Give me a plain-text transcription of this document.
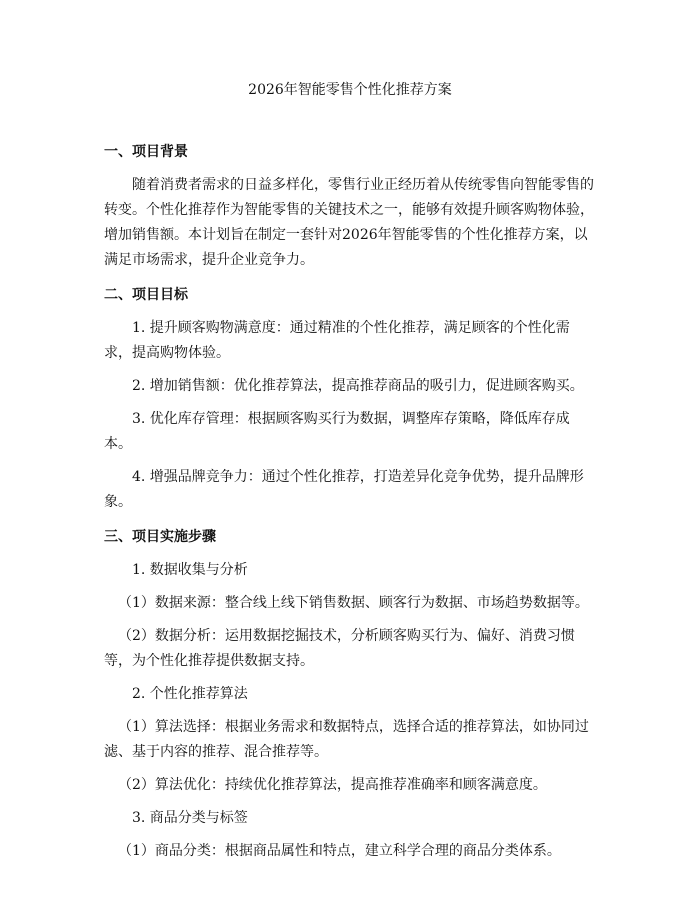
2026年智能零售个性化推荐方案
一、项目背景

随着消费者需求的日益多样化，零售行业正经历着从传统零售向智能零售的转变。个性化推荐作为智能零售的关键技术之一，能够有效提升顾客购物体验，增加销售额。本计划旨在制定一套针对2026年智能零售的个性化推荐方案，以满足市场需求，提升企业竞争力。

二、项目目标

1. 提升顾客购物满意度：通过精准的个性化推荐，满足顾客的个性化需求，提高购物体验。

2. 增加销售额：优化推荐算法，提高推荐商品的吸引力，促进顾客购买。

3. 优化库存管理：根据顾客购买行为数据，调整库存策略，降低库存成本。

4. 增强品牌竞争力：通过个性化推荐，打造差异化竞争优势，提升品牌形象。

三、项目实施步骤

1. 数据收集与分析

（1）数据来源：整合线上线下销售数据、顾客行为数据、市场趋势数据等。

（2）数据分析：运用数据挖掘技术，分析顾客购买行为、偏好、消费习惯等，为个性化推荐提供数据支持。

2. 个性化推荐算法

（1）算法选择：根据业务需求和数据特点，选择合适的推荐算法，如协同过滤、基于内容的推荐、混合推荐等。

（2）算法优化：持续优化推荐算法，提高推荐准确率和顾客满意度。

3. 商品分类与标签

（1）商品分类：根据商品属性和特点，建立科学合理的商品分类体系。
